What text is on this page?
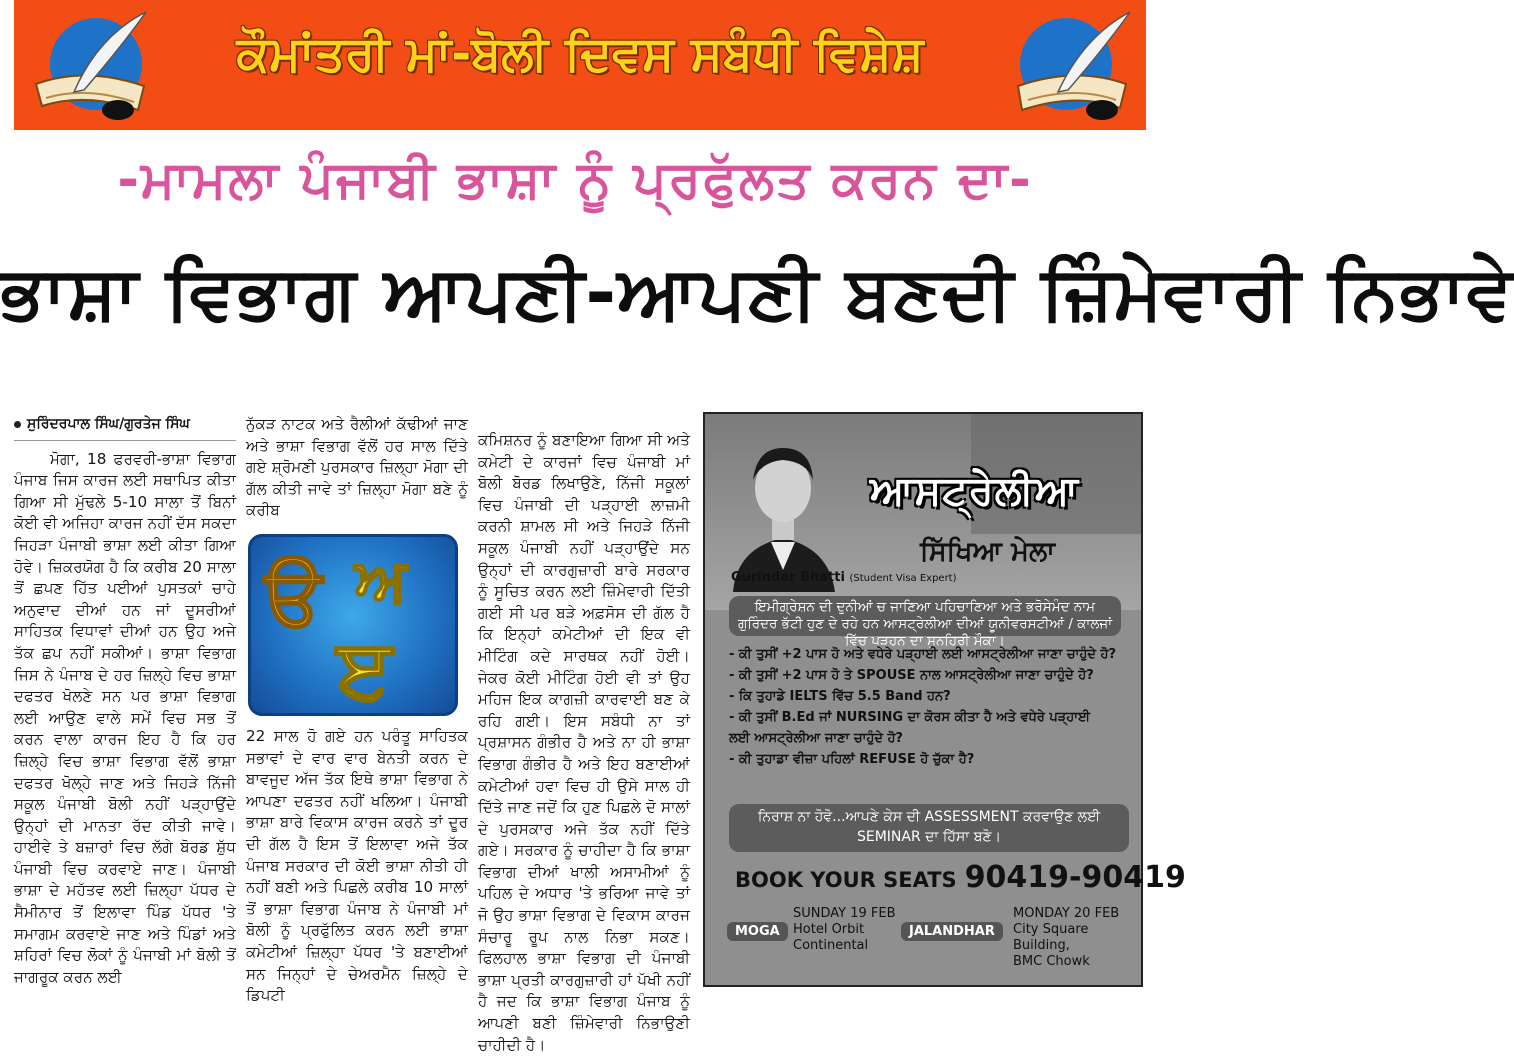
ਕੌਮਾਂਤਰੀ ਮਾਂ-ਬੋਲੀ ਦਿਵਸ ਸਬੰਧੀ ਵਿਸ਼ੇਸ਼
-ਮਾਮਲਾ ਪੰਜਾਬੀ ਭਾਸ਼ਾ ਨੂੰ ਪ੍ਰਫੁੱਲਤ ਕਰਨ ਦਾ-
ਭਾਸ਼ਾ ਵਿਭਾਗ ਆਪਣੀ-ਆਪਣੀ ਬਣਦੀ ਜ਼ਿੰਮੇਵਾਰੀ ਨਿਭਾਵੇ
ਸੁਰਿੰਦਰਪਾਲ ਸਿੰਘ/ਗੁਰਤੇਜ ਸਿੰਘ

ਮੋਗਾ, 18 ਫਰਵਰੀ-ਭਾਸ਼ਾ ਵਿਭਾਗ ਪੰਜਾਬ ਜਿਸ ਕਾਰਜ ਲਈ ਸਥਾਪਿਤ ਕੀਤਾ ਗਿਆ ਸੀ ਮੁੱਢਲੇ 5-10 ਸਾਲਾ ਤੋਂ ਬਿਨਾਂ ਕੋਈ ਵੀ ਅਜਿਹਾ ਕਾਰਜ ਨਹੀਂ ਦੱਸ ਸਕਦਾ ਜਿਹੜਾ ਪੰਜਾਬੀ ਭਾਸ਼ਾ ਲਈ ਕੀਤਾ ਗਿਆ ਹੋਵੇ। ਜ਼ਿਕਰਯੋਗ ਹੈ ਕਿ ਕਰੀਬ 20 ਸਾਲਾ ਤੋਂ ਛਪਣ ਹਿੱਤ ਪਈਆਂ ਪੁਸਤਕਾਂ ਚਾਹੇ ਅਨੁਵਾਦ ਦੀਆਂ ਹਨ ਜਾਂ ਦੂਸਰੀਆਂ ਸਾਹਿਤਕ ਵਿਧਾਵਾਂ ਦੀਆਂ ਹਨ ਉਹ ਅਜੇ ਤੱਕ ਛਪ ਨਹੀਂ ਸਕੀਆਂ। ਭਾਸ਼ਾ ਵਿਭਾਗ ਜਿਸ ਨੇ ਪੰਜਾਬ ਦੇ ਹਰ ਜ਼ਿਲ੍ਹੇ ਵਿਚ ਭਾਸ਼ਾ ਦਫਤਰ ਖੋਲਣੇ ਸਨ ਪਰ ਭਾਸ਼ਾ ਵਿਭਾਗ ਲਈ ਆਉਣ ਵਾਲੇ ਸਮੇਂ ਵਿਚ ਸਭ ਤੋਂ ਕਰਨ ਵਾਲਾ ਕਾਰਜ ਇਹ ਹੈ ਕਿ ਹਰ ਜ਼ਿਲ੍ਹੇ ਵਿਚ ਭਾਸ਼ਾ ਵਿਭਾਗ ਵੱਲੋਂ ਭਾਸ਼ਾ ਦਫਤਰ ਖੋਲ੍ਹੇ ਜਾਣ ਅਤੇ ਜਿਹੜੇ ਨਿੱਜੀ ਸਕੂਲ ਪੰਜਾਬੀ ਬੋਲੀ ਨਹੀਂ ਪੜ੍ਹਾਉਂਦੇ ਉਨ੍ਹਾਂ ਦੀ ਮਾਨਤਾ ਰੱਦ ਕੀਤੀ ਜਾਵੇ। ਹਾਈਵੇ ਤੇ ਬਜ਼ਾਰਾਂ ਵਿਚ ਲੱਗੇ ਬੋਰਡ ਸ਼ੁੱਧ ਪੰਜਾਬੀ ਵਿਚ ਕਰਵਾਏ ਜਾਣ। ਪੰਜਾਬੀ ਭਾਸ਼ਾ ਦੇ ਮਹੱਤਵ ਲਈ ਜ਼ਿਲ੍ਹਾ ਪੱਧਰ ਦੇ ਸੈਮੀਨਾਰ ਤੋਂ ਇਲਾਵਾ ਪਿੰਡ ਪੱਧਰ 'ਤੇ ਸਮਾਗਮ ਕਰਵਾਏ ਜਾਣ ਅਤੇ ਪਿੰਡਾਂ ਅਤੇ ਸ਼ਹਿਰਾਂ ਵਿਚ ਲੋਕਾਂ ਨੂੰ ਪੰਜਾਬੀ ਮਾਂ ਬੋਲੀ ਤੋਂ ਜਾਗਰੂਕ ਕਰਨ ਲਈ

ਨੁੱਕੜ ਨਾਟਕ ਅਤੇ ਰੈਲੀਆਂ ਕੱਢੀਆਂ ਜਾਣ ਅਤੇ ਭਾਸ਼ਾ ਵਿਭਾਗ ਵੱਲੋਂ ਹਰ ਸਾਲ ਦਿੱਤੇ ਗਏ ਸ਼੍ਰੋਮਣੀ ਪੁਰਸਕਾਰ ਜ਼ਿਲ੍ਹਾ ਮੋਗਾ ਦੀ ਗੱਲ ਕੀਤੀ ਜਾਵੇ ਤਾਂ ਜ਼ਿਲ੍ਹਾ ਮੋਗਾ ਬਣੇ ਨੂੰ ਕਰੀਬ

ੳ ਅ
ੲ

22 ਸਾਲ ਹੋ ਗਏ ਹਨ ਪਰੰਤੂ ਸਾਹਿਤਕ ਸਭਾਵਾਂ ਦੇ ਵਾਰ ਵਾਰ ਬੇਨਤੀ ਕਰਨ ਦੇ ਬਾਵਜੂਦ ਅੱਜ ਤੱਕ ਇਥੇ ਭਾਸ਼ਾ ਵਿਭਾਗ ਨੇ ਆਪਣਾ ਦਫਤਰ ਨਹੀਂ ਖਲਿਆ। ਪੰਜਾਬੀ ਭਾਸ਼ਾ ਬਾਰੇ ਵਿਕਾਸ ਕਾਰਜ ਕਰਨੇ ਤਾਂ ਦੂਰ ਦੀ ਗੱਲ ਹੈ ਇਸ ਤੋਂ ਇਲਾਵਾ ਅਜੇ ਤੱਕ ਪੰਜਾਬ ਸਰਕਾਰ ਦੀ ਕੋਈ ਭਾਸ਼ਾ ਨੀਤੀ ਹੀ ਨਹੀਂ ਬਣੀ ਅਤੇ ਪਿਛਲੇ ਕਰੀਬ 10 ਸਾਲਾਂ ਤੋਂ ਭਾਸ਼ਾ ਵਿਭਾਗ ਪੰਜਾਬ ਨੇ ਪੰਜਾਬੀ ਮਾਂ ਬੋਲੀ ਨੂੰ ਪ੍ਰਫੁੱਲਿਤ ਕਰਨ ਲਈ ਭਾਸ਼ਾ ਕਮੇਟੀਆਂ ਜ਼ਿਲ੍ਹਾ ਪੱਧਰ 'ਤੇ ਬਣਾਈਆਂ ਸਨ ਜਿਨ੍ਹਾਂ ਦੇ ਚੇਅਰਮੈਨ ਜ਼ਿਲ੍ਹੇ ਦੇ ਡਿਪਟੀ

ਕਮਿਸ਼ਨਰ ਨੂੰ ਬਣਾਇਆ ਗਿਆ ਸੀ ਅਤੇ ਕਮੇਟੀ ਦੇ ਕਾਰਜਾਂ ਵਿਚ ਪੰਜਾਬੀ ਮਾਂ ਬੋਲੀ ਬੋਰਡ ਲਿਖਾਉਣੇ, ਨਿੱਜੀ ਸਕੂਲਾਂ ਵਿਚ ਪੰਜਾਬੀ ਦੀ ਪੜ੍ਹਾਈ ਲਾਜ਼ਮੀ ਕਰਨੀ ਸ਼ਾਮਲ ਸੀ ਅਤੇ ਜਿਹੜੇ ਨਿੱਜੀ ਸਕੂਲ ਪੰਜਾਬੀ ਨਹੀਂ ਪੜ੍ਹਾਉਂਦੇ ਸਨ ਉਨ੍ਹਾਂ ਦੀ ਕਾਰਗੁਜ਼ਾਰੀ ਬਾਰੇ ਸਰਕਾਰ ਨੂੰ ਸੂਚਿਤ ਕਰਨ ਲਈ ਜ਼ਿੰਮੇਵਾਰੀ ਦਿੱਤੀ ਗਈ ਸੀ ਪਰ ਬੜੇ ਅਫ਼ਸੋਸ ਦੀ ਗੱਲ ਹੈ ਕਿ ਇਨ੍ਹਾਂ ਕਮੇਟੀਆਂ ਦੀ ਇਕ ਵੀ ਮੀਟਿੰਗ ਕਦੇ ਸਾਰਥਕ ਨਹੀਂ ਹੋਈ। ਜੇਕਰ ਕੋਈ ਮੀਟਿੰਗ ਹੋਈ ਵੀ ਤਾਂ ਉਹ ਮਹਿਜ ਇਕ ਕਾਗਜ਼ੀ ਕਾਰਵਾਈ ਬਣ ਕੇ ਰਹਿ ਗਈ। ਇਸ ਸਬੰਧੀ ਨਾ ਤਾਂ ਪ੍ਰਸ਼ਾਸਨ ਗੰਭੀਰ ਹੈ ਅਤੇ ਨਾ ਹੀ ਭਾਸ਼ਾ ਵਿਭਾਗ ਗੰਭੀਰ ਹੈ ਅਤੇ ਇਹ ਬਣਾਈਆਂ ਕਮੇਟੀਆਂ ਹਵਾ ਵਿਚ ਹੀ ਉਸੇ ਸਾਲ ਹੀ ਦਿੱਤੇ ਜਾਣ ਜਦੋਂ ਕਿ ਹੁਣ ਪਿਛਲੇ ਦੋ ਸਾਲਾਂ ਦੇ ਪੁਰਸਕਾਰ ਅਜੇ ਤੱਕ ਨਹੀਂ ਦਿੱਤੇ ਗਏ। ਸਰਕਾਰ ਨੂੰ ਚਾਹੀਦਾ ਹੈ ਕਿ ਭਾਸ਼ਾ ਵਿਭਾਗ ਦੀਆਂ ਖਾਲੀ ਅਸਾਮੀਆਂ ਨੂੰ ਪਹਿਲ ਦੇ ਅਧਾਰ 'ਤੇ ਭਰਿਆ ਜਾਵੇ ਤਾਂ ਜੋ ਉਹ ਭਾਸ਼ਾ ਵਿਭਾਗ ਦੇ ਵਿਕਾਸ ਕਾਰਜ ਸੰਚਾਰੂ ਰੂਪ ਨਾਲ ਨਿਭਾ ਸਕਣ। ਫਿਲਹਾਲ ਭਾਸ਼ਾ ਵਿਭਾਗ ਦੀ ਪੰਜਾਬੀ ਭਾਸ਼ਾ ਪ੍ਰਤੀ ਕਾਰਗੁਜ਼ਾਰੀ ਹਾਂ ਪੱਖੀ ਨਹੀਂ ਹੈ ਜਦ ਕਿ ਭਾਸ਼ਾ ਵਿਭਾਗ ਪੰਜਾਬ ਨੂੰ ਆਪਣੀ ਬਣੀ ਜ਼ਿੰਮੇਵਾਰੀ ਨਿਭਾਉਣੀ ਚਾਹੀਦੀ ਹੈ।

ਆਸਟ੍ਰੇਲੀਆ
ਸਿੱਖਿਆ ਮੇਲਾ
Gurinder Bhatti (Student Visa Expert)
ਇਮੀਗ੍ਰੇਸ਼ਨ ਦੀ ਦੁਨੀਆਂ ਚ ਜਾਣਿਆ ਪਹਿਚਾਣਿਆ ਅਤੇ ਭਰੋਸੇਮੰਦ ਨਾਮ ਗੁਰਿੰਦਰ ਭੱਟੀ ਹੁਣ ਦੇ ਰਹੇ ਹਨ ਆਸਟ੍ਰੇਲੀਆ ਦੀਆਂ ਯੂਨੀਵਰਸਟੀਆਂ / ਕਾਲਜਾਂ ਵਿੱਚ ਪੜ੍ਹਨ ਦਾ ਸੁਨਹਿਰੀ ਮੌਕਾ।
- ਕੀ ਤੁਸੀਂ +2 ਪਾਸ ਹੋ ਅਤੇ ਵਧੇਰੇ ਪੜ੍ਹਾਈ ਲਈ ਆਸਟ੍ਰੇਲੀਆ ਜਾਣਾ ਚਾਹੁੰਦੇ ਹੋ?
- ਕੀ ਤੁਸੀਂ +2 ਪਾਸ ਹੋ ਤੇ SPOUSE ਨਾਲ ਆਸਟ੍ਰੇਲੀਆ ਜਾਣਾ ਚਾਹੁੰਦੇ ਹੋ?
- ਕਿ ਤੁਹਾਡੇ IELTS ਵਿੱਚ 5.5 Band ਹਨ?
- ਕੀ ਤੁਸੀਂ B.Ed ਜਾਂ NURSING ਦਾ ਕੋਰਸ ਕੀਤਾ ਹੈ ਅਤੇ ਵਧੇਰੇ ਪੜ੍ਹਾਈ
ਲਈ ਆਸਟ੍ਰੇਲੀਆ ਜਾਣਾ ਚਾਹੁੰਦੇ ਹੋ?
- ਕੀ ਤੁਹਾਡਾ ਵੀਜ਼ਾ ਪਹਿਲਾਂ REFUSE ਹੋ ਚੁੱਕਾ ਹੈ?
ਨਿਰਾਸ਼ ਨਾ ਹੋਵੋ...ਆਪਣੇ ਕੇਸ ਦੀ ASSESSMENT ਕਰਵਾਉਣ ਲਈ SEMINAR ਦਾ ਹਿੱਸਾ ਬਣੋ।
BOOK YOUR SEATS 90419-90419
MOGA
SUNDAY 19 FEB
Hotel Orbit
Continental
JALANDHAR
MONDAY 20 FEB
City Square Building,
BMC Chowk
